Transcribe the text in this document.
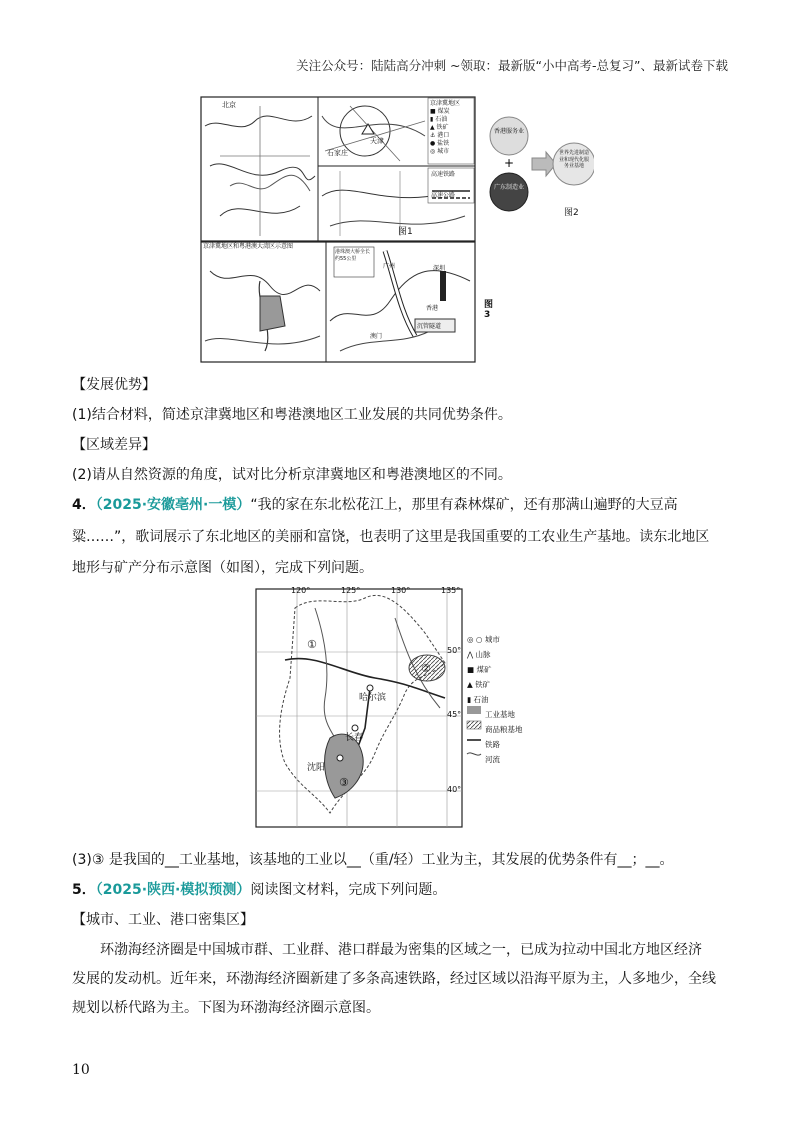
关注公众号：陆陆高分冲刺 ~领取：最新版“小中高考-总复习”、最新试卷下载
北京
天津
石家庄
京津冀地区
■ 煤炭
▮ 石油
▲ 铁矿
⚓ 港口
● 盐铁
◎ 城市
高速铁路
高速公路
图1
+
香港服务业
广东制造业
世界先进制造业和现代化服务业基地
图2
京津冀地区和粤港澳大湾区示意图
港珠澳大桥全长约55公里
广州	深圳
香港
澳门
沉管隧道
图3
【发展优势】
(1)结合材料，简述京津冀地区和粤港澳地区工业发展的共同优势条件。
【区域差异】
(2)请从自然资源的角度，试对比分析京津冀地区和粤港澳地区的不同。
4．（2025·安徽亳州·一模）“我的家在东北松花江上，那里有森林煤矿，还有那满山遍野的大豆高
粱……”，歌词展示了东北地区的美丽和富饶，也表明了这里是我国重要的工农业生产基地。读东北地区
地形与矿产分布示意图（如图），完成下列问题。
120°	125°	130°	135°
50°
45°
40°
哈尔滨
长春
沈阳
①
②
③
◎ ○ 城市
⋀ 山脉
■ 煤矿
▲ 铁矿
▮ 石油
工业基地
商品粮基地
铁路
河流
(3)③ 是我国的__工业基地，该基地的工业以__（重/轻）工业为主，其发展的优势条件有__；__。
5．（2025·陕西·模拟预测）阅读图文材料，完成下列问题。
【城市、工业、港口密集区】
环渤海经济圈是中国城市群、工业群、港口群最为密集的区域之一，已成为拉动中国北方地区经济
发展的发动机。近年来，环渤海经济圈新建了多条高速铁路，经过区域以沿海平原为主，人多地少，全线
规划以桥代路为主。下图为环渤海经济圈示意图。
10
